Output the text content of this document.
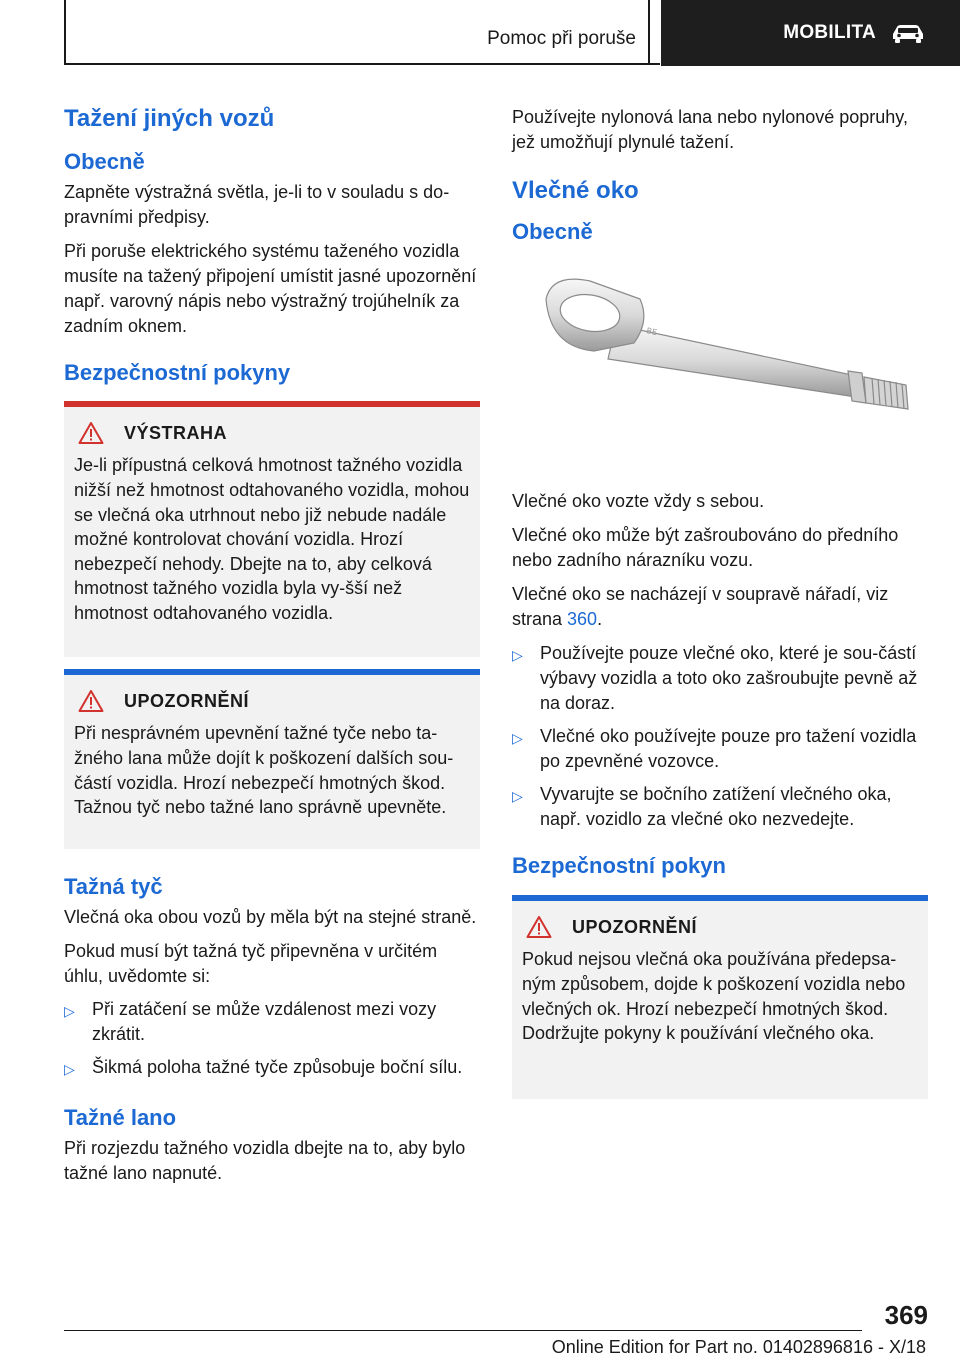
Pomoc při poruše	MOBILITA
Tažení jiných vozů
Obecně

Zapněte výstražná světla, je-li to v souladu s do-pravními předpisy.

Při poruše elektrického systému taženého vozidla musíte na tažený připojení umístit jasné upozornění např. varovný nápis nebo výstražný trojúhelník za zadním oknem.

Bezpečnostní pokyny
VÝSTRAHA

Je-li přípustná celková hmotnost tažného vozidla nižší než hmotnost odtahovaného vozidla, mohou se vlečná oka utrhnout nebo již nebude nadále možné kontrolovat chování vozidla. Hrozí nebezpečí nehody. Dbejte na to, aby celková hmotnost tažného vozidla byla vy-šší než hmotnost odtahovaného vozidla.

UPOZORNĚNÍ

Při nesprávném upevnění tažné tyče nebo ta-žného lana může dojít k poškození dalších sou-částí vozidla. Hrozí nebezpečí hmotných škod. Tažnou tyč nebo tažné lano správně upevněte.

Tažná tyč

Vlečná oka obou vozů by měla být na stejné straně.

Pokud musí být tažná tyč připevněna v určitém úhlu, uvědomte si:

▷ Při zatáčení se může vzdálenost mezi vozy zkrátit.
▷ Šikmá poloha tažné tyče způsobuje boční sílu.
Tažné lano

Při rozjezdu tažného vozidla dbejte na to, aby bylo tažné lano napnuté.

Používejte nylonová lana nebo nylonové popruhy, jež umožňují plynulé tažení.

Vlečné oko
Obecně
BE

Vlečné oko vozte vždy s sebou.

Vlečné oko může být zašroubováno do předního nebo zadního nárazníku vozu.

Vlečné oko se nacházejí v soupravě nářadí, viz strana 360.

▷ Používejte pouze vlečné oko, které je sou-částí výbavy vozidla a toto oko zašroubujte pevně až na doraz.
▷ Vlečné oko používejte pouze pro tažení vozidla po zpevněné vozovce.
▷ Vyvarujte se bočního zatížení vlečného oka, např. vozidlo za vlečné oko nezvedejte.
Bezpečnostní pokyn
UPOZORNĚNÍ

Pokud nejsou vlečná oka používána předepsa-ným způsobem, dojde k poškození vozidla nebo vlečných ok. Hrozí nebezpečí hmotných škod. Dodržujte pokyny k používání vlečného oka.

369
Online Edition for Part no. 01402896816 - X/18
